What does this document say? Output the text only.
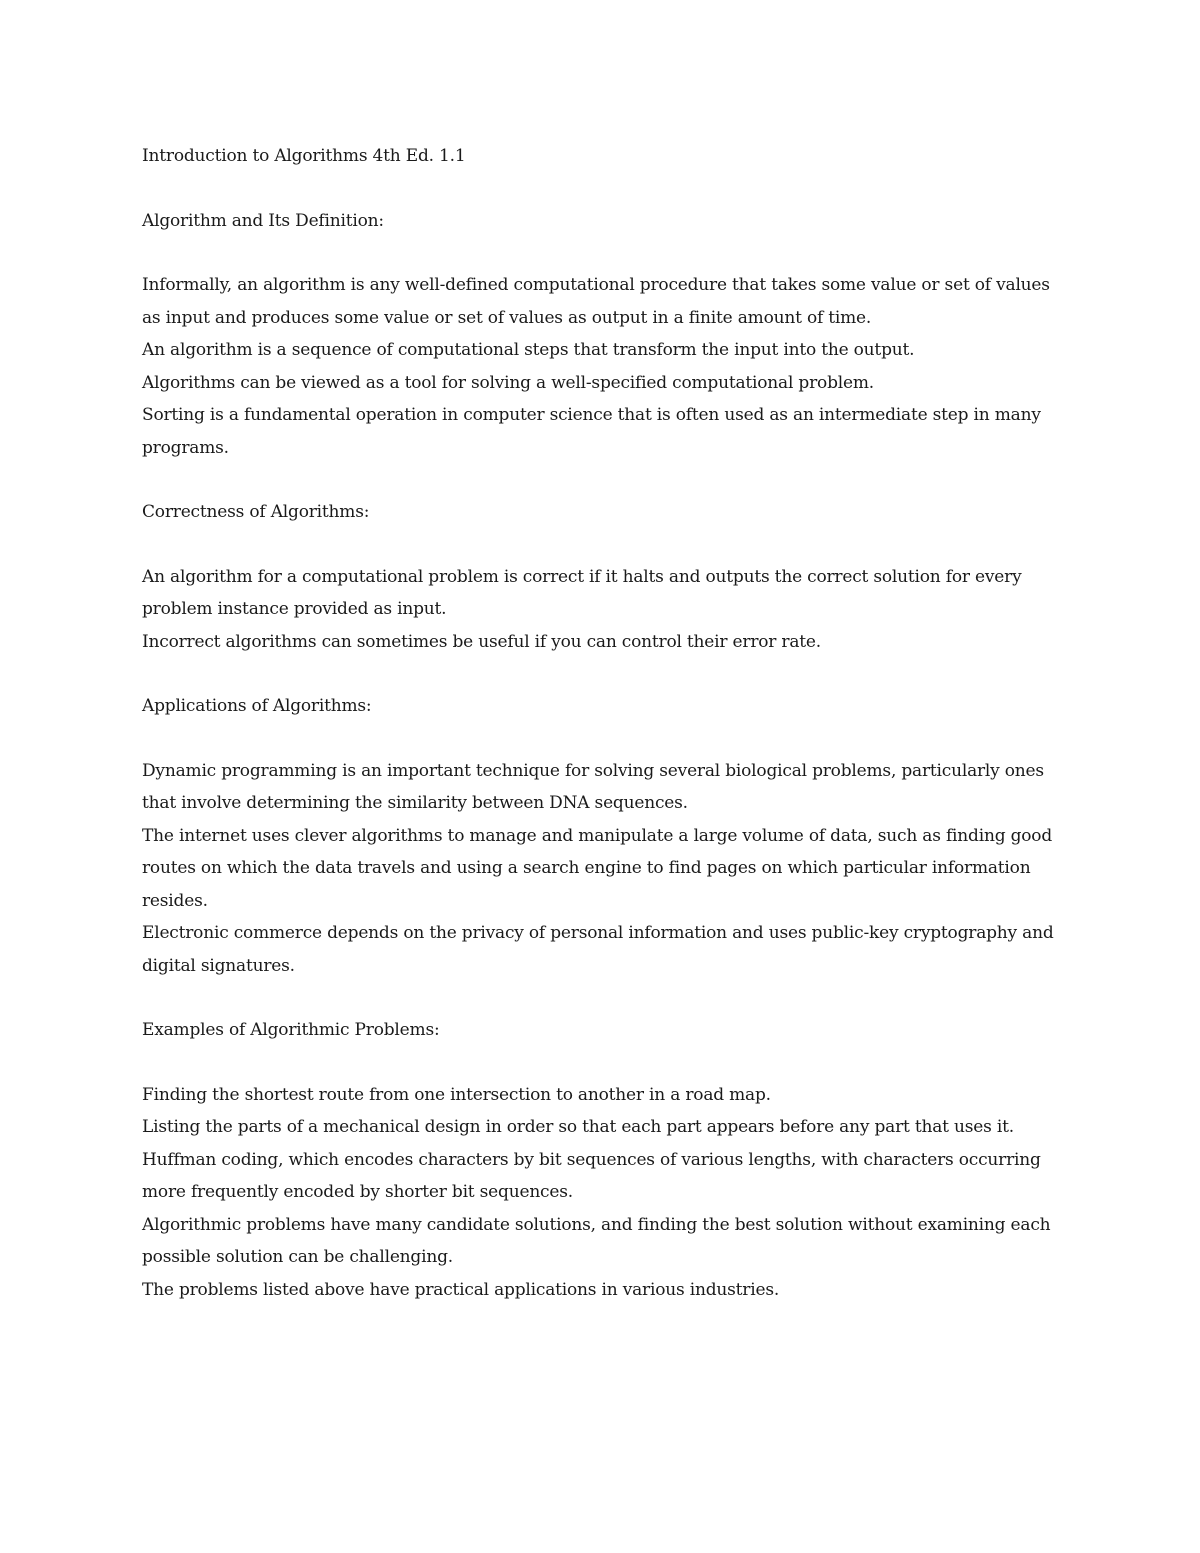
Introduction to Algorithms 4th Ed. 1.1

Algorithm and Its Definition:

Informally, an algorithm is any well-defined computational procedure that takes some value or set of values as input and produces some value or set of values as output in a finite amount of time.

An algorithm is a sequence of computational steps that transform the input into the output.

Algorithms can be viewed as a tool for solving a well-specified computational problem.

Sorting is a fundamental operation in computer science that is often used as an intermediate step in many programs.

Correctness of Algorithms:

An algorithm for a computational problem is correct if it halts and outputs the correct solution for every problem instance provided as input.

Incorrect algorithms can sometimes be useful if you can control their error rate.

Applications of Algorithms:

Dynamic programming is an important technique for solving several biological problems, particularly ones that involve determining the similarity between DNA sequences.

The internet uses clever algorithms to manage and manipulate a large volume of data, such as finding good routes on which the data travels and using a search engine to find pages on which particular information resides.

Electronic commerce depends on the privacy of personal information and uses public-key cryptography and digital signatures.

Examples of Algorithmic Problems:

Finding the shortest route from one intersection to another in a road map.

Listing the parts of a mechanical design in order so that each part appears before any part that uses it.

Huffman coding, which encodes characters by bit sequences of various lengths, with characters occurring more frequently encoded by shorter bit sequences.

Algorithmic problems have many candidate solutions, and finding the best solution without examining each possible solution can be challenging.

The problems listed above have practical applications in various industries.
